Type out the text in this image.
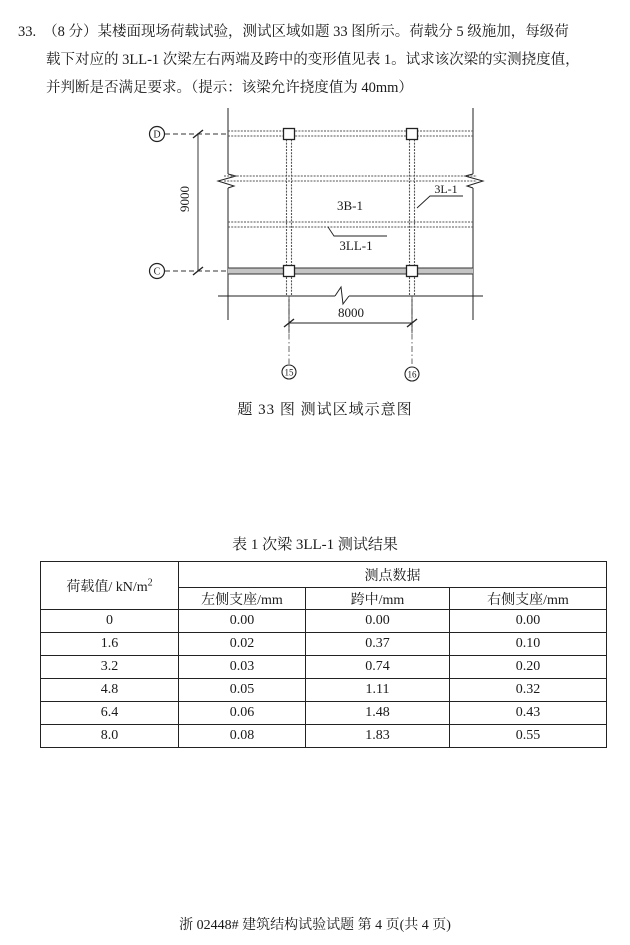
33. （8 分）某楼面现场荷载试验，测试区域如题 33 图所示。荷载分 5 级施加，每级荷
载下对应的 3LL-1 次梁左右两端及跨中的变形值见表 1。试求该次梁的实测挠度值，
并判断是否满足要求。（提示：该梁允许挠度值为 40mm）
D
C
9000	3B-1
3LL-1
3L-1
8000
15	16
题 33 图 测试区域示意图
表 1 次梁 3LL-1 测试结果
荷载值/ $kN/m^2$	测点数据		
	左侧支座/mm	跨中/mm	右侧支座/mm
0	0.00	0.00	0.00
1.6	0.02	0.37	0.10
3.2	0.03	0.74	0.20
4.8	0.05	1.11	0.32
6.4	0.06	1.48	0.43
8.0	0.08	1.83	0.55
浙 02448# 建筑结构试验试题 第 4 页(共 4 页)
